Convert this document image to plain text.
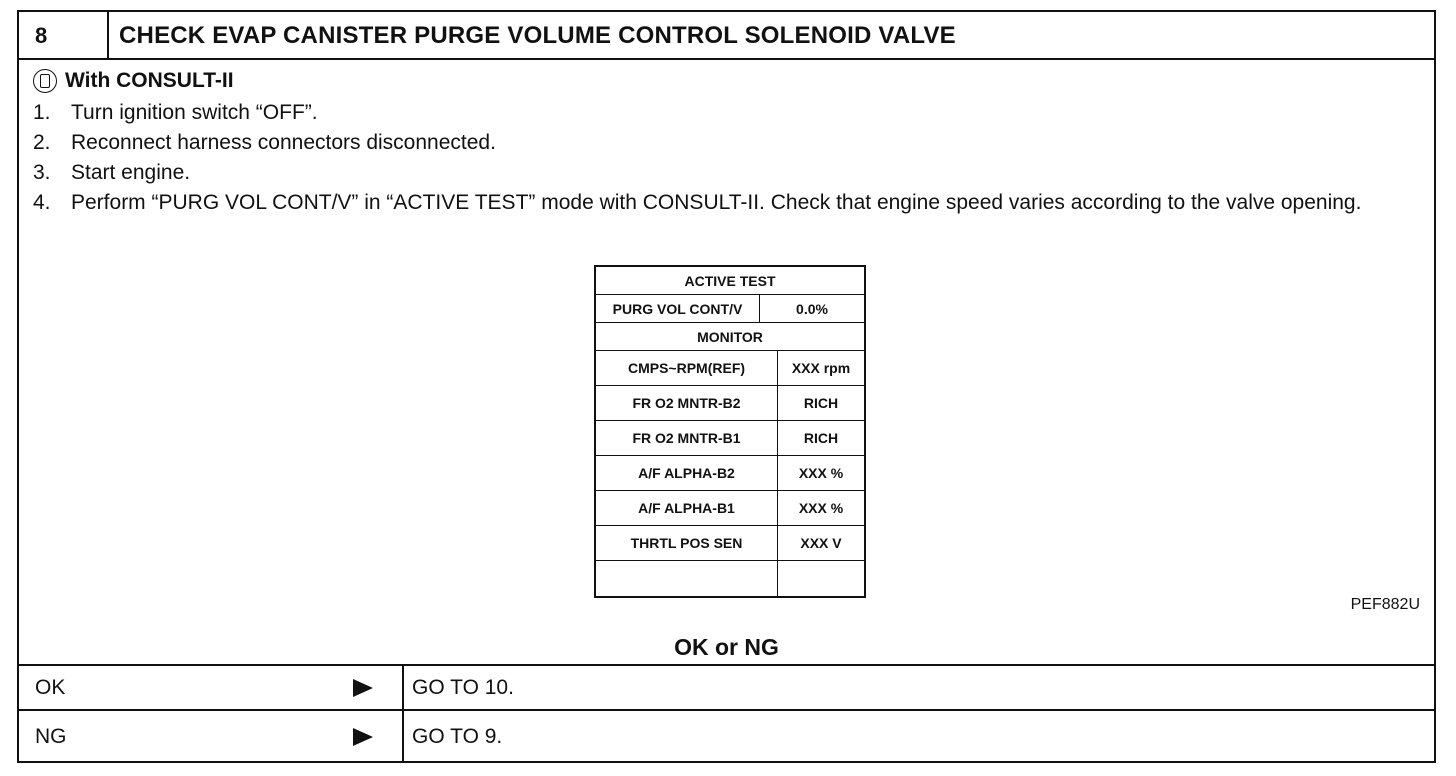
8	CHECK EVAP CANISTER PURGE VOLUME CONTROL SOLENOID VALVE
With CONSULT-II
1. Turn ignition switch “OFF”.
2. Reconnect harness connectors disconnected.
3. Start engine.
4. Perform “PURG VOL CONT/V” in “ACTIVE TEST” mode with CONSULT-II. Check that engine speed varies according to the valve opening.
ACTIVE TEST
PURG VOL CONT/V	0.0%
MONITOR
CMPS~RPM(REF)	XXX rpm
FR O2 MNTR-B2	RICH
FR O2 MNTR-B1	RICH
A/F ALPHA-B2	XXX %
A/F ALPHA-B1	XXX %
THRTL POS SEN	XXX V
PEF882U
OK or NG
OK	GO TO 10.
NG	GO TO 9.
